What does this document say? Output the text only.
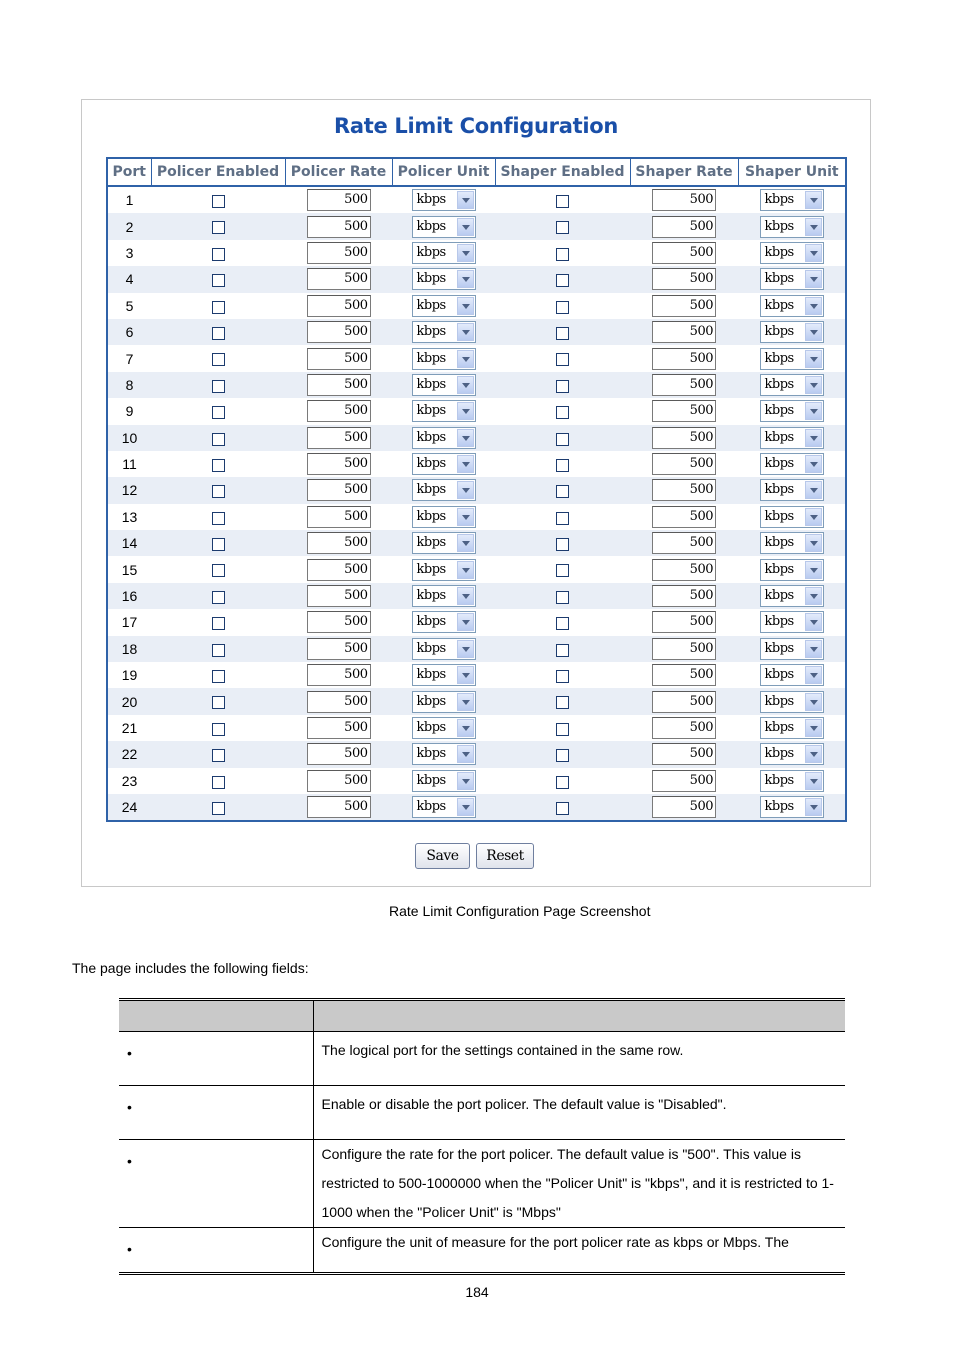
Rate Limit Configuration
Port	Policer Enabled	Policer Rate	Policer Unit	Shaper Enabled	Shaper Rate	Shaper Unit
1		500	kbps		500	kbps

2		500	kbps		500	kbps

3		500	kbps		500	kbps

4		500	kbps		500	kbps

5		500	kbps		500	kbps

6		500	kbps		500	kbps

7		500	kbps		500	kbps

8		500	kbps		500	kbps

9		500	kbps		500	kbps

10		500	kbps		500	kbps

11		500	kbps		500	kbps

12		500	kbps		500	kbps

13		500	kbps		500	kbps

14		500	kbps		500	kbps

15		500	kbps		500	kbps

16		500	kbps		500	kbps

17		500	kbps		500	kbps

18		500	kbps		500	kbps

19		500	kbps		500	kbps

20		500	kbps		500	kbps

21		500	kbps		500	kbps

22		500	kbps		500	kbps

23		500	kbps		500	kbps

24		500	kbps		500	kbps
Save	Reset
Rate Limit Configuration Page Screenshot
The page includes the following fields:

•	The logical port for the settings contained in the same row.
•	Enable or disable the port policer. The default value is "Disabled".
•	Configure the rate for the port policer. The default value is "500". This value is restricted to 500-1000000 when the "Policer Unit" is "kbps", and it is restricted to 1-1000 when the "Policer Unit" is "Mbps"
•	Configure the unit of measure for the port policer rate as kbps or Mbps. The
184
